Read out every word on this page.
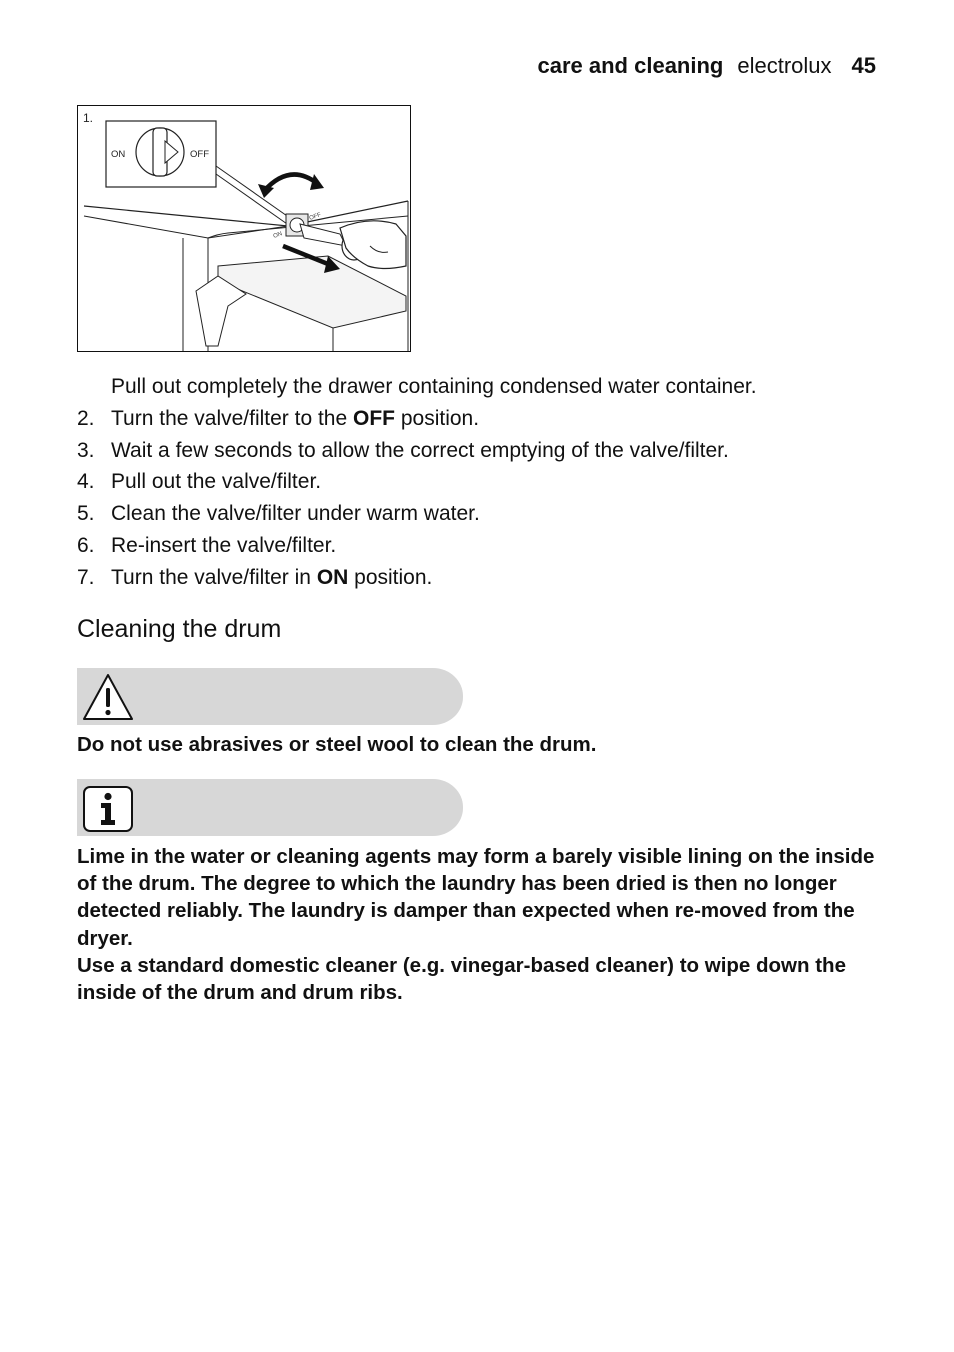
care and cleaning electrolux 45
1.
ON	OFF
ON
OFF
Pull out completely the drawer containing condensed water container.
2. Turn the valve/filter to the OFF position.
3. Wait a few seconds to allow the correct emptying of the valve/filter.
4. Pull out the valve/filter.
5. Clean the valve/filter under warm water.
6. Re-insert the valve/filter.
7. Turn the valve/filter in ON position.
Cleaning the drum

Do not use abrasives or steel wool to clean the drum.

Lime in the water or cleaning agents may form a barely visible lining on the inside of the drum. The degree to which the laundry has been dried is then no longer detected reliably. The laundry is damper than expected when re-moved from the dryer.
Use a standard domestic cleaner (e.g. vinegar-based cleaner) to wipe down the inside of the drum and drum ribs.
